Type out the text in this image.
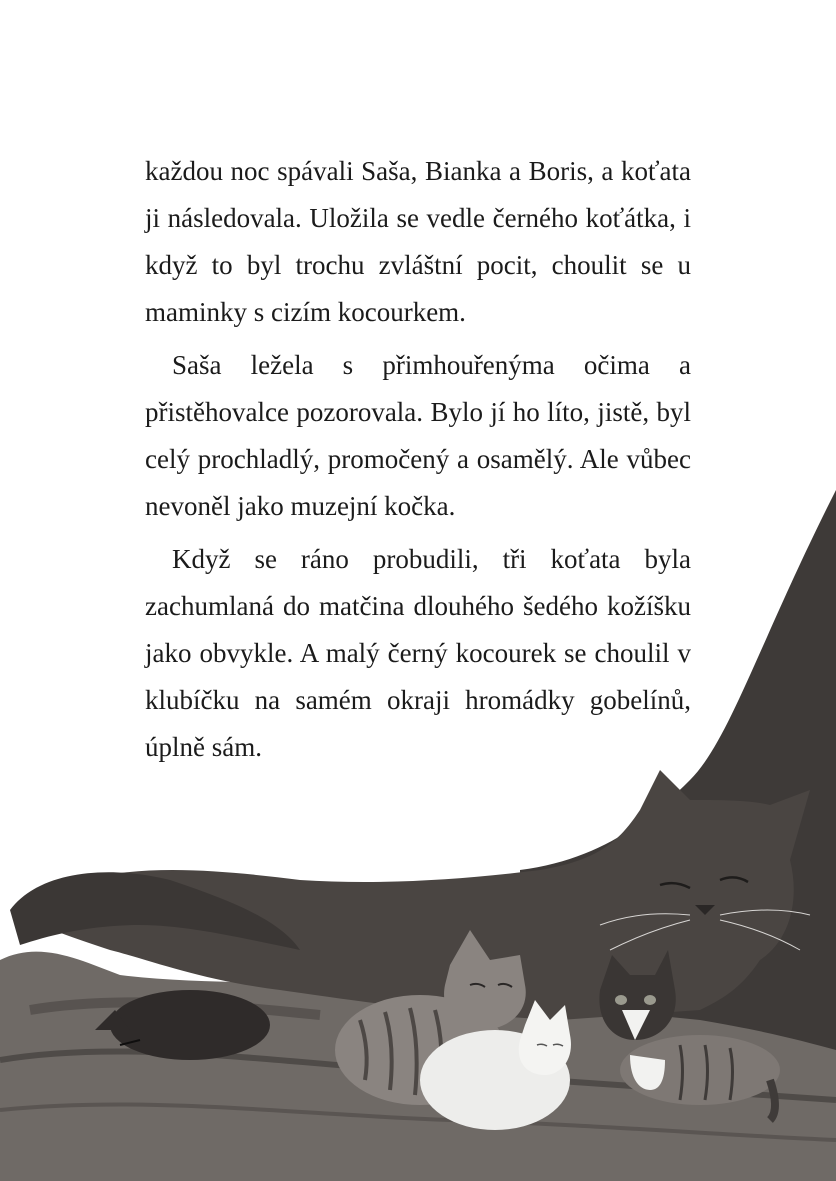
každou noc spávali Saša, Bianka a Boris, a koťata ji následovala. Uložila se vedle černého koťátka, i když to byl trochu zvláštní pocit, choulit se u maminky s cizím kocourkem.

Saša ležela s přimhouřenýma očima a přistěhovalce pozorovala. Bylo jí ho líto, jistě, byl celý prochladlý, promočený a osamělý. Ale vůbec nevoněl jako muzejní kočka.

Když se ráno probudili, tři koťata byla zachumlaná do matčina dlouhého šedého kožíšku jako obvykle. A malý černý kocourek se choulil v klubíčku na samém okraji hromádky gobelínů, úplně sám.
